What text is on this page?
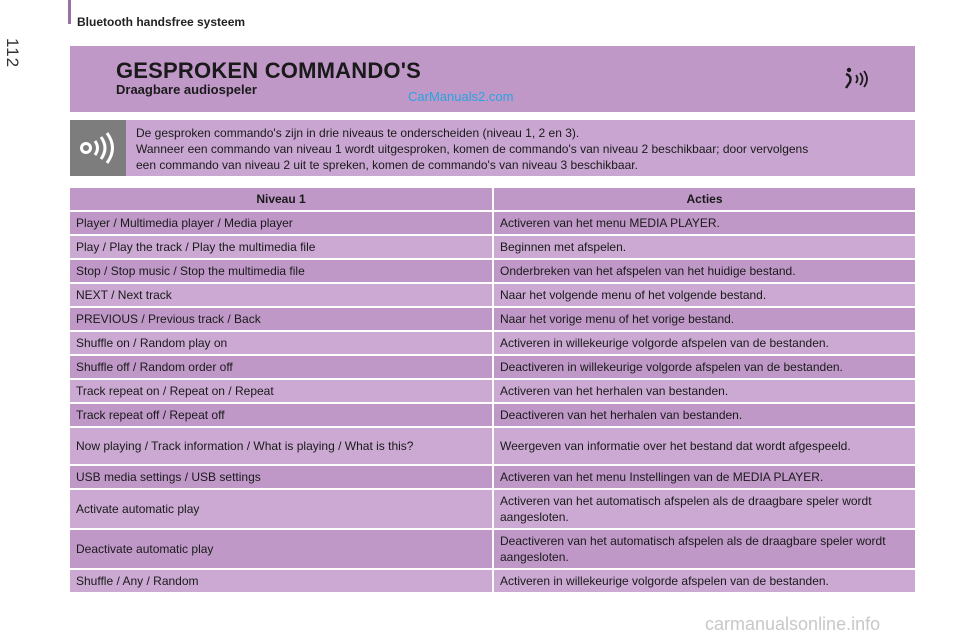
Bluetooth handsfree systeem
112
GESPROKEN COMMANDO'S
Draagbare audiospeler	CarManuals2.com
De gesproken commando's zijn in drie niveaus te onderscheiden (niveau 1, 2 en 3).
Wanneer een commando van niveau 1 wordt uitgesproken, komen de commando's van niveau 2 beschikbaar; door vervolgens
een commando van niveau 2 uit te spreken, komen de commando's van niveau 3 beschikbaar.
Niveau 1	Acties
Player / Multimedia player / Media player	Activeren van het menu MEDIA PLAYER.
Play / Play the track / Play the multimedia file	Beginnen met afspelen.
Stop / Stop music / Stop the multimedia file	Onderbreken van het afspelen van het huidige bestand.
NEXT / Next track	Naar het volgende menu of het volgende bestand.
PREVIOUS / Previous track / Back	Naar het vorige menu of het vorige bestand.
Shuffle on / Random play on	Activeren in willekeurige volgorde afspelen van de bestanden.
Shuffle off / Random order off	Deactiveren in willekeurige volgorde afspelen van de bestanden.
Track repeat on / Repeat on / Repeat	Activeren van het herhalen van bestanden.
Track repeat off / Repeat off	Deactiveren van het herhalen van bestanden.
Now playing / Track information / What is playing / What is this?	Weergeven van informatie over het bestand dat wordt afgespeeld.
USB media settings / USB settings	Activeren van het menu Instellingen van de MEDIA PLAYER.
Activate automatic play	Activeren van het automatisch afspelen als de draagbare speler wordt aangesloten.
Deactivate automatic play	Deactiveren van het automatisch afspelen als de draagbare speler wordt aangesloten.
Shuffle / Any / Random	Activeren in willekeurige volgorde afspelen van de bestanden.
carmanualsonline.info
